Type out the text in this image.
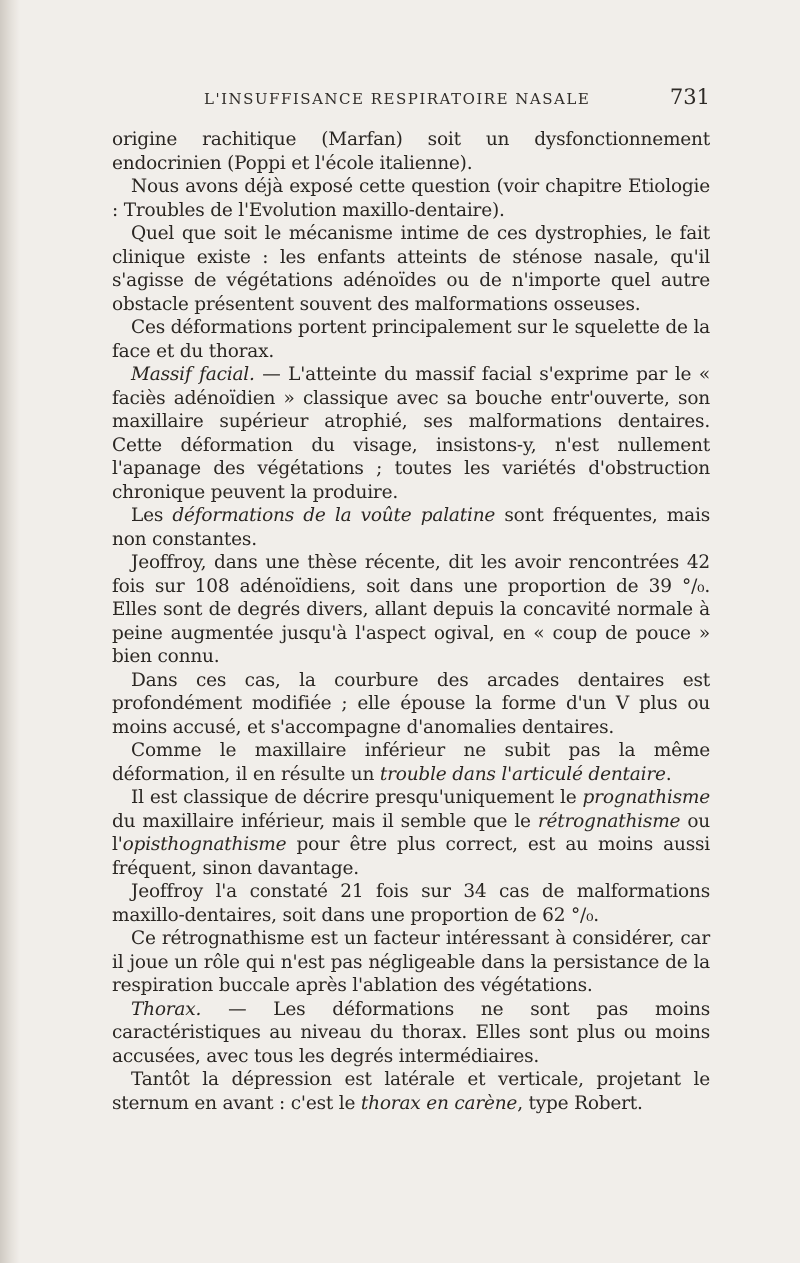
L'INSUFFISANCE RESPIRATOIRE NASALE	731

origine rachitique (Marfan) soit un dysfonctionnement endocrinien (Poppi et l'école italienne).

Nous avons déjà exposé cette question (voir chapitre Etiologie : Troubles de l'Evolution maxillo-dentaire).

Quel que soit le mécanisme intime de ces dystrophies, le fait clinique existe : les enfants atteints de sténose nasale, qu'il s'agisse de végétations adénoïdes ou de n'importe quel autre obstacle présentent souvent des malformations osseuses.

Ces déformations portent principalement sur le squelette de la face et du thorax.

Massif facial. — L'atteinte du massif facial s'exprime par le « faciès adénoïdien » classique avec sa bouche entr'ouverte, son maxillaire supérieur atrophié, ses malformations dentaires. Cette déformation du visage, insistons-y, n'est nullement l'apanage des végétations ; toutes les variétés d'obstruction chronique peuvent la produire.

Les déformations de la voûte palatine sont fréquentes, mais non constantes.

Jeoffroy, dans une thèse récente, dit les avoir rencontrées 42 fois sur 108 adénoïdiens, soit dans une proportion de 39 °/₀. Elles sont de degrés divers, allant depuis la concavité normale à peine augmentée jusqu'à l'aspect ogival, en « coup de pouce » bien connu.

Dans ces cas, la courbure des arcades dentaires est profondément modifiée ; elle épouse la forme d'un V plus ou moins accusé, et s'accompagne d'anomalies dentaires.

Comme le maxillaire inférieur ne subit pas la même déformation, il en résulte un trouble dans l'articulé dentaire.

Il est classique de décrire presqu'uniquement le prognathisme du maxillaire inférieur, mais il semble que le rétrognathisme ou l'opisthognathisme pour être plus correct, est au moins aussi fréquent, sinon davantage.

Jeoffroy l'a constaté 21 fois sur 34 cas de malformations maxillo-dentaires, soit dans une proportion de 62 °/₀.

Ce rétrognathisme est un facteur intéressant à considérer, car il joue un rôle qui n'est pas négligeable dans la persistance de la respiration buccale après l'ablation des végétations.

Thorax. — Les déformations ne sont pas moins caractéristiques au niveau du thorax. Elles sont plus ou moins accusées, avec tous les degrés intermédiaires.

Tantôt la dépression est latérale et verticale, projetant le sternum en avant : c'est le thorax en carène, type Robert.
